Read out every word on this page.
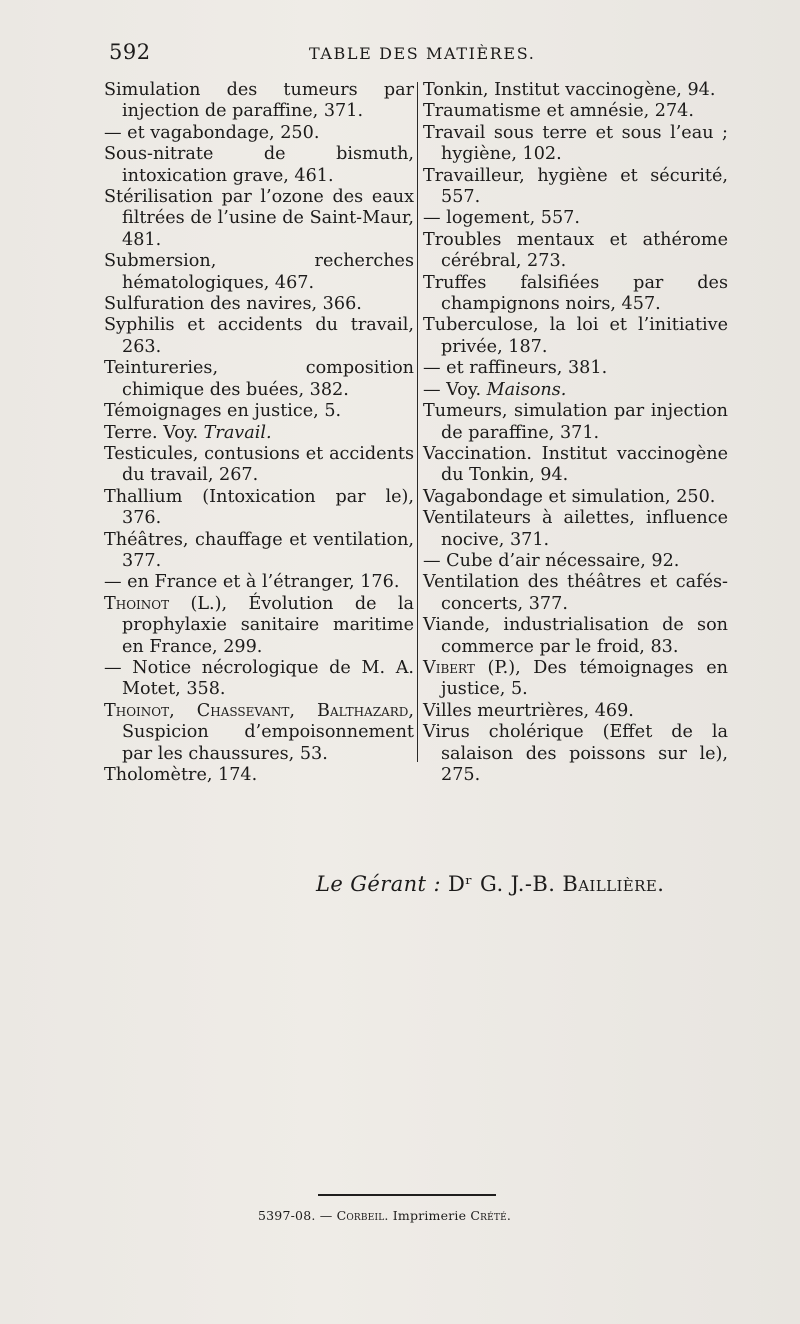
592	TABLE DES MATIÈRES.

Simulation des tumeurs par injection de paraffine, 371.

— et vagabondage, 250.

Sous-nitrate de bismuth, intoxication grave, 461.

Stérilisation par l’ozone des eaux filtrées de l’usine de Saint-Maur, 481.

Submersion, recherches hématologiques, 467.

Sulfuration des navires, 366.

Syphilis et accidents du travail, 263.

Teintureries, composition chimique des buées, 382.

Témoignages en justice, 5.

Terre. Voy. Travail.

Testicules, contusions et accidents du travail, 267.

Thallium (Intoxication par le), 376.

Théâtres, chauffage et ventilation, 377.

— en France et à l’étranger, 176.

Thoinot (L.), Évolution de la prophylaxie sanitaire maritime en France, 299.

— Notice nécrologique de M. A. Motet, 358.

Thoinot, Chassevant, Balthazard, Suspicion d’empoisonnement par les chaussures, 53.

Tholomètre, 174.

Tonkin, Institut vaccinogène, 94.

Traumatisme et amnésie, 274.

Travail sous terre et sous l’eau ; hygiène, 102.

Travailleur, hygiène et sécurité, 557.

— logement, 557.

Troubles mentaux et athérome cérébral, 273.

Truffes falsifiées par des champignons noirs, 457.

Tuberculose, la loi et l’initiative privée, 187.

— et raffineurs, 381.

— Voy. Maisons.

Tumeurs, simulation par injection de paraffine, 371.

Vaccination. Institut vaccinogène du Tonkin, 94.

Vagabondage et simulation, 250.

Ventilateurs à ailettes, influence nocive, 371.

— Cube d’air nécessaire, 92.

Ventilation des théâtres et cafés-concerts, 377.

Viande, industrialisation de son commerce par le froid, 83.

Vibert (P.), Des témoignages en justice, 5.

Villes meurtrières, 469.

Virus cholérique (Effet de la salaison des poissons sur le), 275.

Le Gérant : Dʳ G. J.-B. Baillière.
5397-08. — Corbeil. Imprimerie Crété.
